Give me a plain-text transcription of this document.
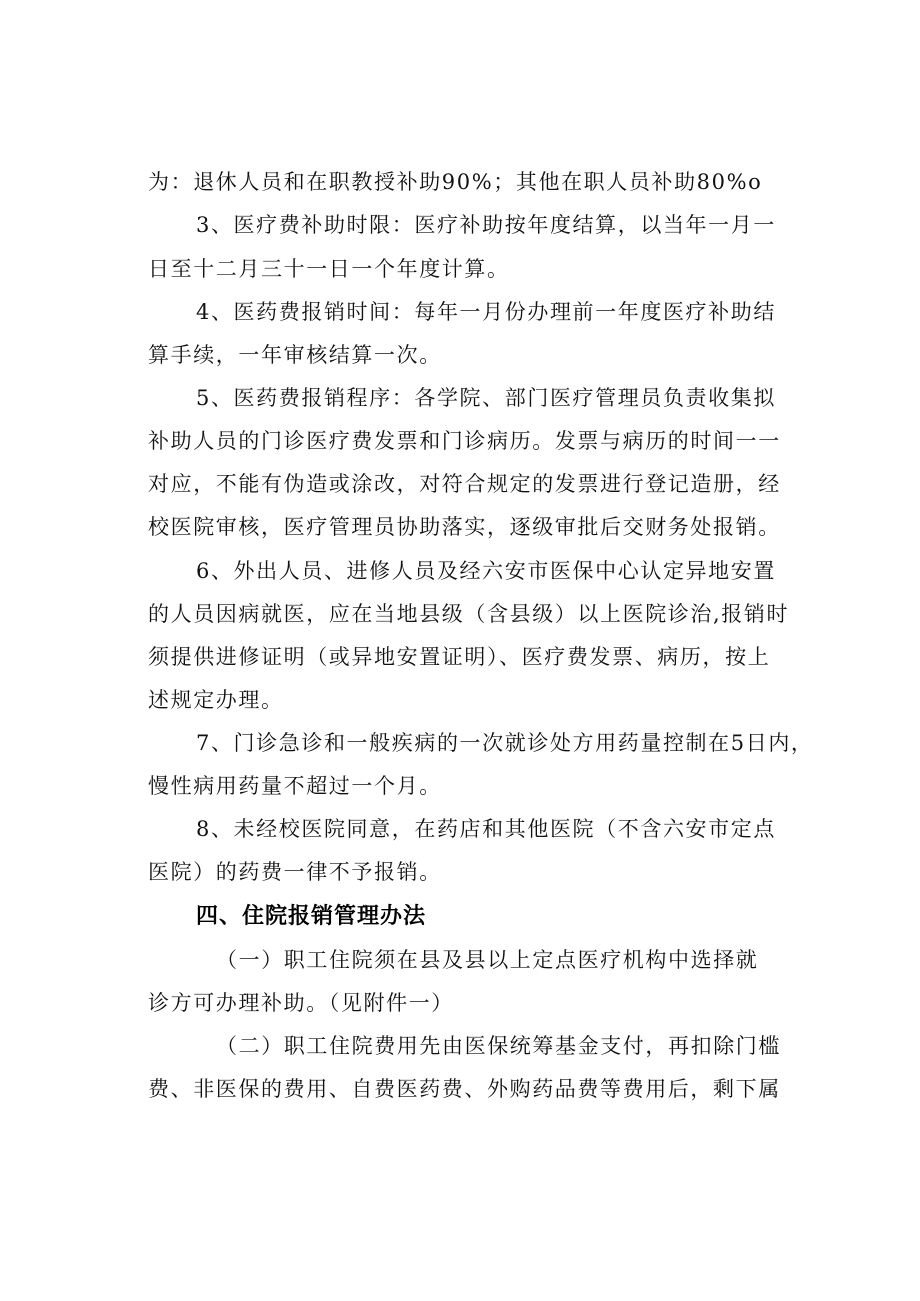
为：退休人员和在职教授补助90%；其他在职人员补助80%o
3、医疗费补助时限：医疗补助按年度结算，以当年一月一
日至十二月三十一日一个年度计算。
4、医药费报销时间：每年一月份办理前一年度医疗补助结
算手续，一年审核结算一次。
5、医药费报销程序：各学院、部门医疗管理员负责收集拟
补助人员的门诊医疗费发票和门诊病历。发票与病历的时间一一
对应，不能有伪造或涂改，对符合规定的发票进行登记造册，经
校医院审核，医疗管理员协助落实，逐级审批后交财务处报销。
6、外出人员、进修人员及经六安市医保中心认定异地安置
的人员因病就医，应在当地县级（含县级）以上医院诊治,报销时
须提供进修证明（或异地安置证明）、医疗费发票、病历，按上
述规定办理。
7、门诊急诊和一般疾病的一次就诊处方用药量控制在5日内，
慢性病用药量不超过一个月。
8、未经校医院同意，在药店和其他医院（不含六安市定点
医院）的药费一律不予报销。
四、住院报销管理办法
（一）职工住院须在县及县以上定点医疗机构中选择就
诊方可办理补助。（见附件一）
（二）职工住院费用先由医保统筹基金支付，再扣除门槛
费、非医保的费用、自费医药费、外购药品费等费用后，剩下属
